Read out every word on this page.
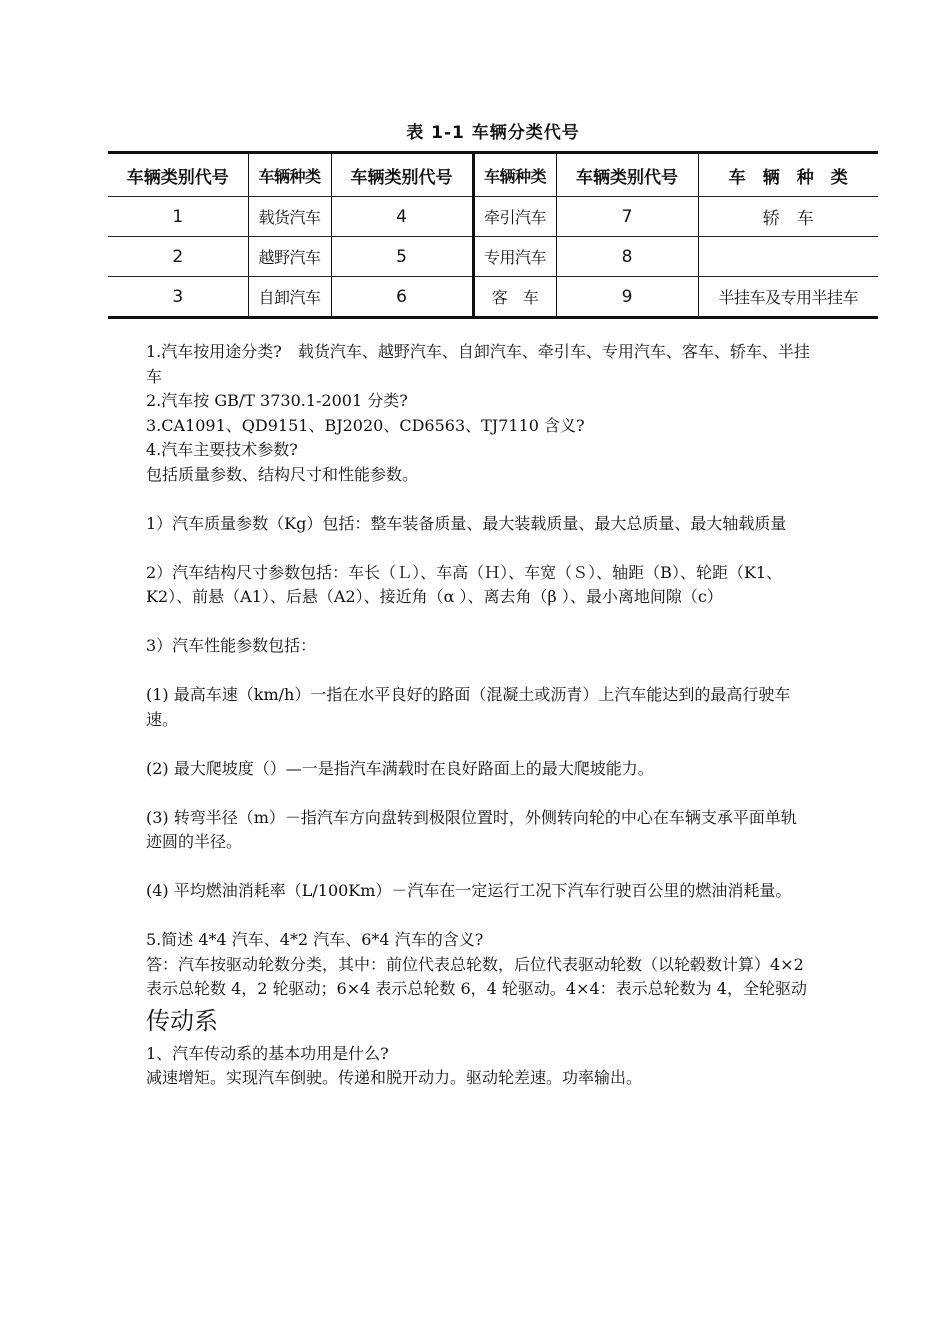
表 1-1 车辆分类代号
车辆类别代号	车辆种类	车辆类别代号	车辆种类	车辆类别代号	车　辆　种　类
1	载货汽车	4	牵引汽车	7	轿　车
2	越野汽车	5	专用汽车	8	
3	自卸汽车	6	客　车	9	半挂车及专用半挂车

1.汽车按用途分类?　载货汽车、越野汽车、自卸汽车、牵引车、专用汽车、客车、轿车、半挂车

2.汽车按 GB/T 3730.1-2001 分类?

3.CA1091、QD9151、BJ2020、CD6563、TJ7110 含义?

4.汽车主要技术参数?

包括质量参数、结构尺寸和性能参数。

1）汽车质量参数（Kg）包括：整车装备质量、最大装载质量、最大总质量、最大轴载质量

2）汽车结构尺寸参数包括：车长（Ｌ）、车高（Ｈ）、车宽（Ｓ）、轴距（B）、轮距（K1、K2）、前悬（A1）、后悬（A2）、接近角（α ）、离去角（β ）、最小离地间隙（c）

3）汽车性能参数包括：

(1) 最高车速（km/h）一指在水平良好的路面（混凝土或沥青）上汽车能达到的最高行驶车速。

(2) 最大爬坡度（）—一是指汽车满载时在良好路面上的最大爬坡能力。

(3) 转弯半径（m）－指汽车方向盘转到极限位置时，外侧转向轮的中心在车辆支承平面单轨迹圆的半径。

(4) 平均燃油消耗率（L/100Km）－汽车在一定运行工况下汽车行驶百公里的燃油消耗量。

5.简述 4*4 汽车、4*2 汽车、6*4 汽车的含义?

答：汽车按驱动轮数分类，其中：前位代表总轮数，后位代表驱动轮数（以轮毂数计算）4×2 表示总轮数 4，2 轮驱动；6×4 表示总轮数 6，4 轮驱动。4×4：表示总轮数为 4，全轮驱动

传动系

1、汽车传动系的基本功用是什么?

减速增矩。实现汽车倒驶。传递和脱开动力。驱动轮差速。功率输出。
